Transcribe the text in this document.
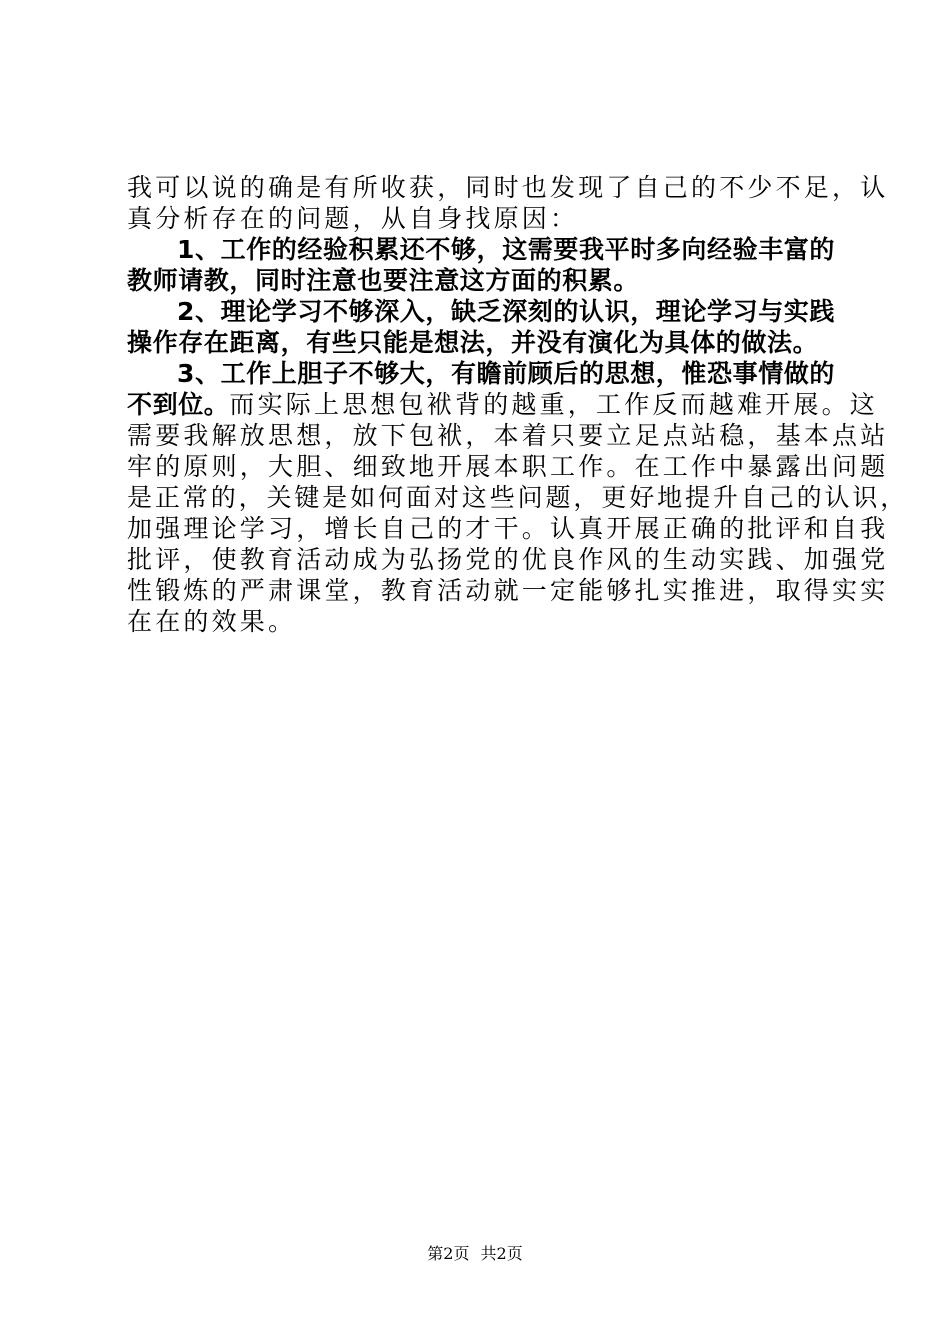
我可以说的确是有所收获，同时也发现了自己的不少不足，认
真分析存在的问题，从自身找原因：
1、工作的经验积累还不够，这需要我平时多向经验丰富的
教师请教，同时注意也要注意这方面的积累。
2、理论学习不够深入，缺乏深刻的认识，理论学习与实践
操作存在距离，有些只能是想法，并没有演化为具体的做法。
3、工作上胆子不够大，有瞻前顾后的思想，惟恐事情做的
不到位。而实际上思想包袱背的越重，工作反而越难开展。这
需要我解放思想，放下包袱，本着只要立足点站稳，基本点站
牢的原则，大胆、细致地开展本职工作。在工作中暴露出问题
是正常的，关键是如何面对这些问题，更好地提升自己的认识，
加强理论学习，增长自己的才干。认真开展正确的批评和自我
批评，使教育活动成为弘扬党的优良作风的生动实践、加强党
性锻炼的严肃课堂，教育活动就一定能够扎实推进，取得实实
在在的效果。
第2页 共2页
